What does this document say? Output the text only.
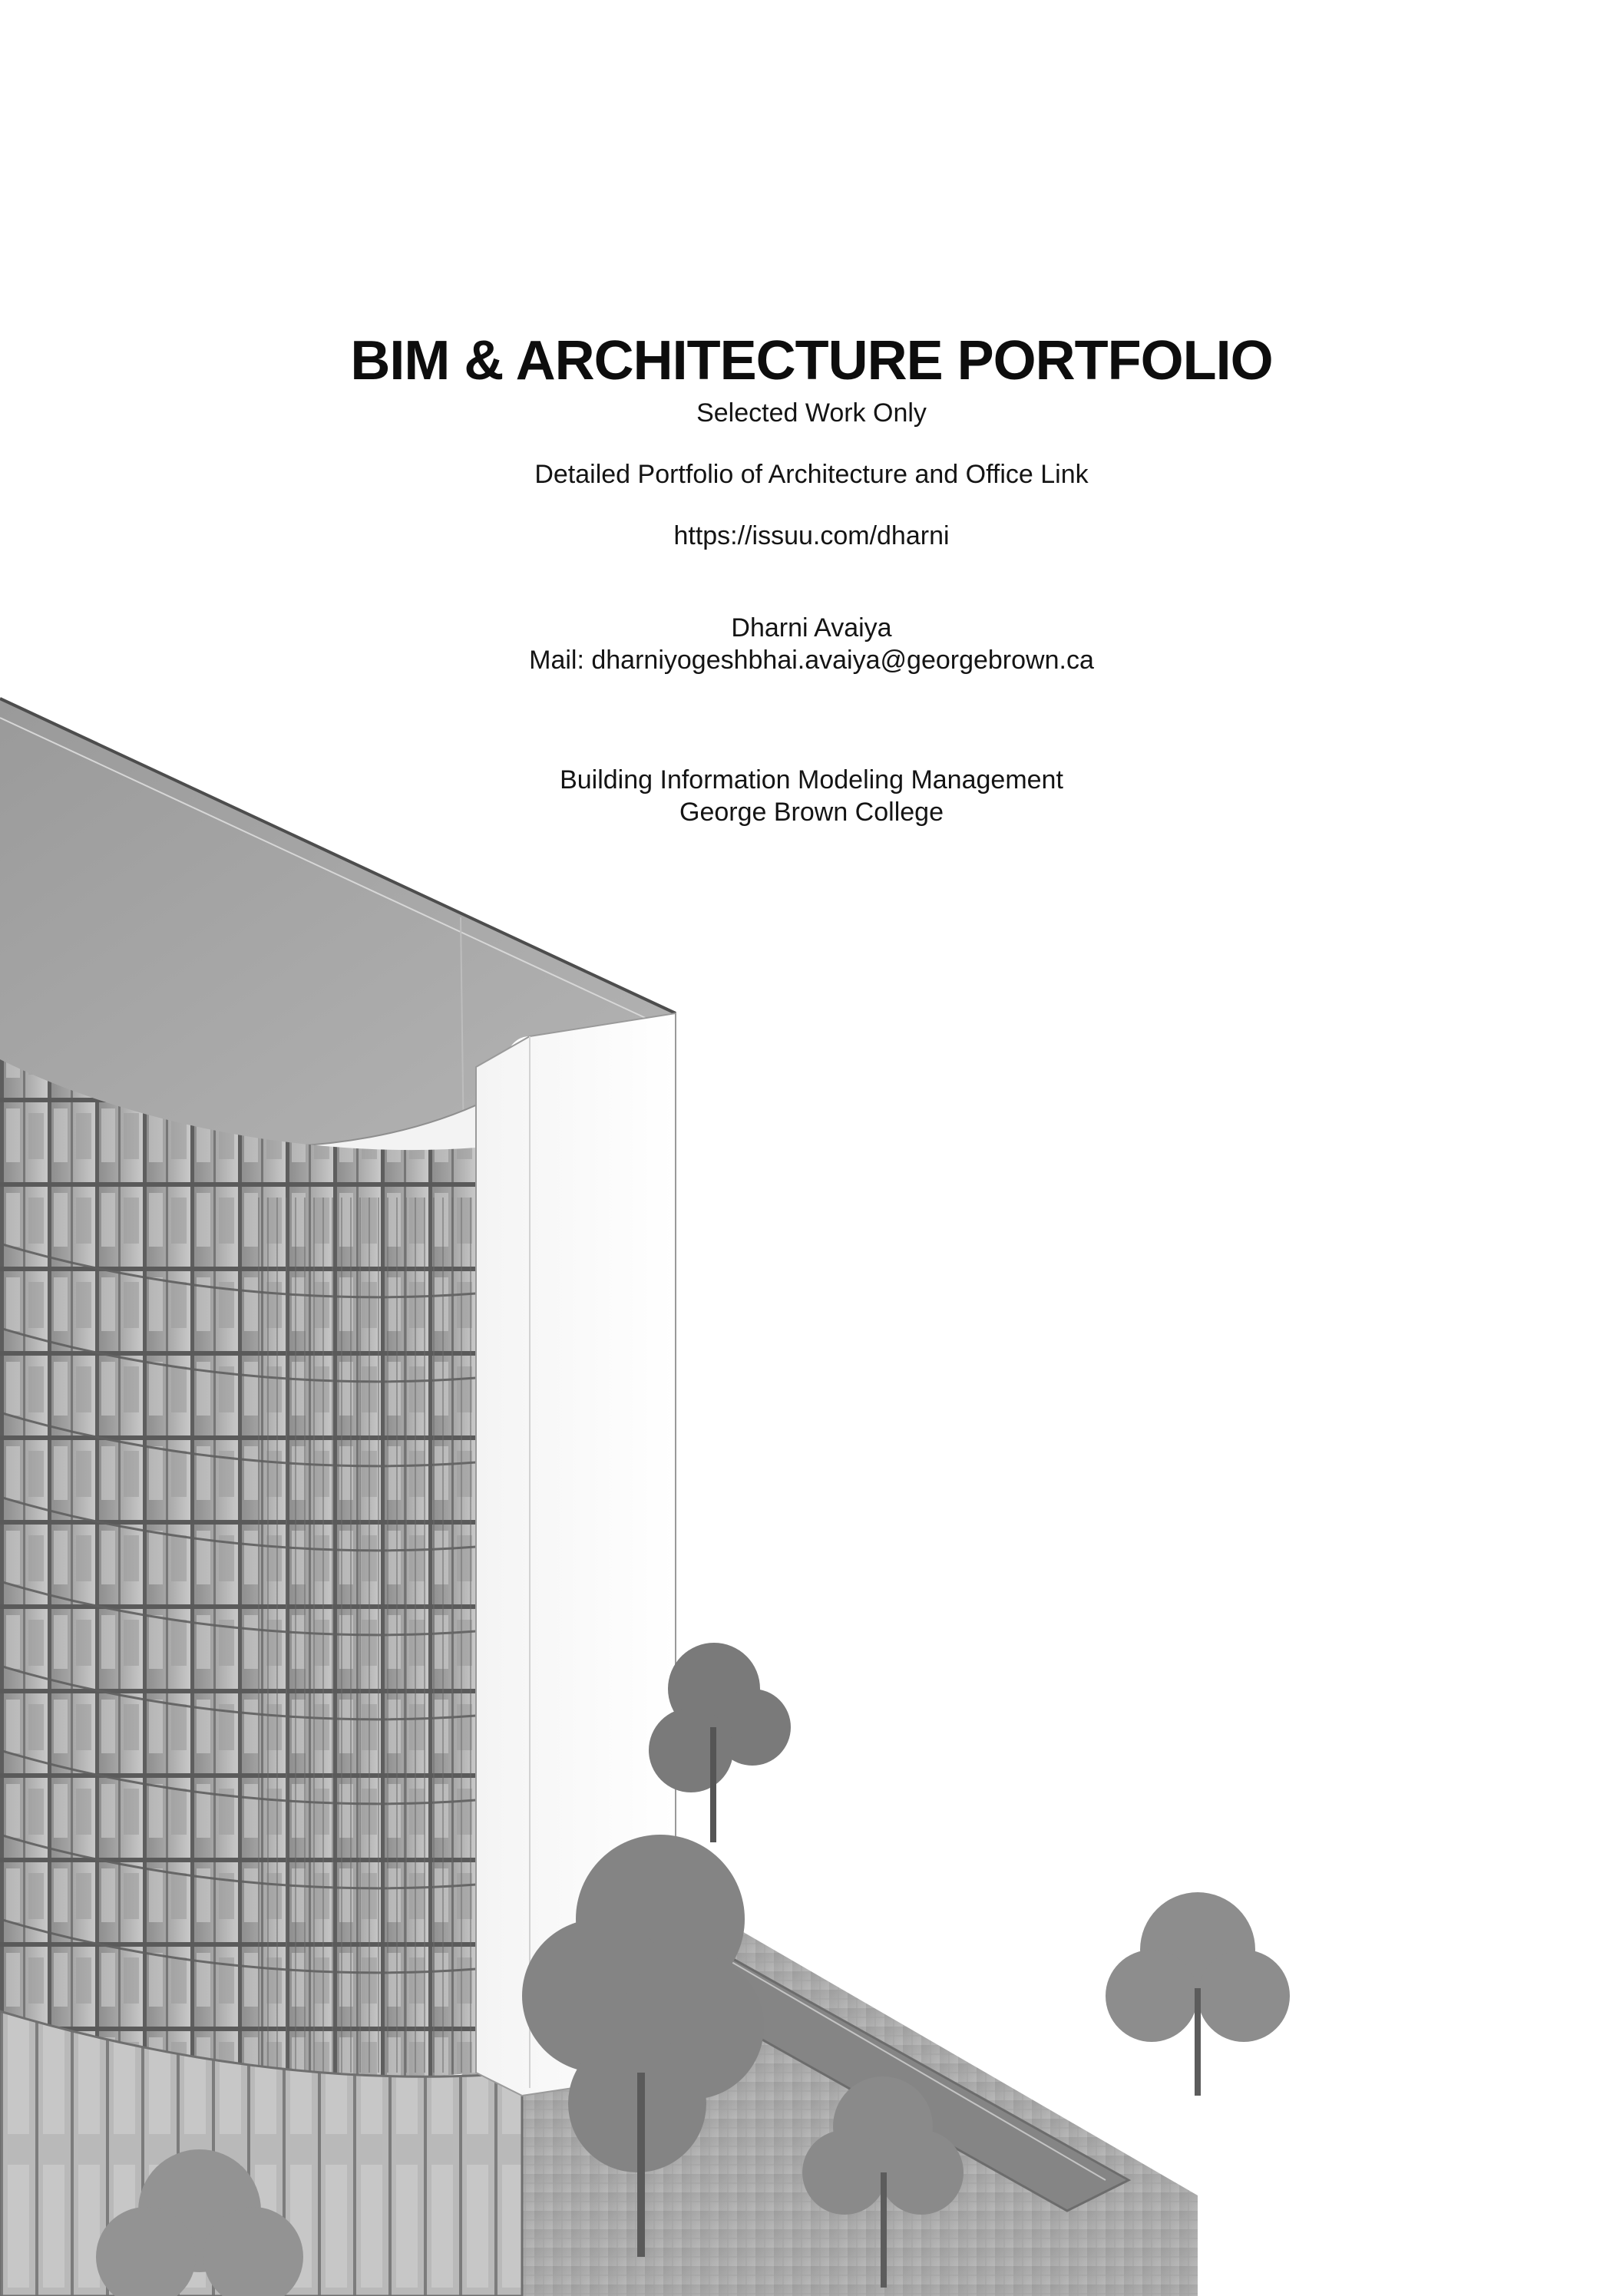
BIM & ARCHITECTURE PORTFOLIO
Selected Work Only
Detailed Portfolio of Architecture and Office Link
https://issuu.com/dharni
Dharni Avaiya
Mail: dharniyogeshbhai.avaiya@georgebrown.ca
Building Information Modeling Management
George Brown College
